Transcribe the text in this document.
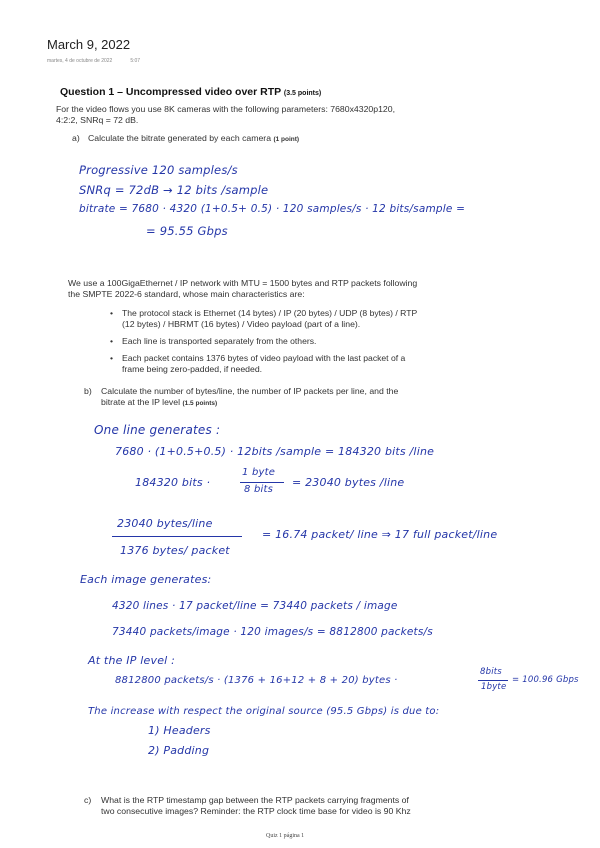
March 9, 2022
martes, 4 de octubre de 2022	5:07
Question 1 – Uncompressed video over RTP (3.5 points)
For the video flows you use 8K cameras with the following parameters: 7680x4320p120,
4:2:2, SNRq = 72 dB.
a) Calculate the bitrate generated by each camera (1 point)
Progressive 120 samples/s
SNRq = 72dB → 12 bits /sample
bitrate = 7680 · 4320 (1+0.5+ 0.5) · 120 samples/s · 12 bits/sample =
= 95.55 Gbps
We use a 100GigaEthernet / IP network with MTU = 1500 bytes and RTP packets following
the SMPTE 2022-6 standard, whose main characteristics are:
• The protocol stack is Ethernet (14 bytes) / IP (20 bytes) / UDP (8 bytes) / RTP
(12 bytes) / HBRMT (16 bytes) / Video payload (part of a line).
• Each line is transported separately from the others.
• Each packet contains 1376 bytes of video payload with the last packet of a
frame being zero-padded, if needed.
b) Calculate the number of bytes/line, the number of IP packets per line, and the
bitrate at the IP level (1.5 points)
One line generates :
7680 · (1+0.5+0.5) · 12bits /sample = 184320 bits /line
184320 bits ·
1 byte
8 bits
= 23040 bytes /line
23040 bytes/line
1376 bytes/ packet
= 16.74 packet/ line ⇒ 17 full packet/line
Each image generates:
4320 lines · 17 packet/line = 73440 packets / image
73440 packets/image · 120 images/s = 8812800 packets/s
At the IP level :
8812800 packets/s · (1376 + 16+12 + 8 + 20) bytes ·
8bits
1byte
= 100.96 Gbps
The increase with respect the original source (95.5 Gbps) is due to:
1) Headers
2) Padding
c) What is the RTP timestamp gap between the RTP packets carrying fragments of
two consecutive images? Reminder: the RTP clock time base for video is 90 Khz
Quiz 1 página 1
